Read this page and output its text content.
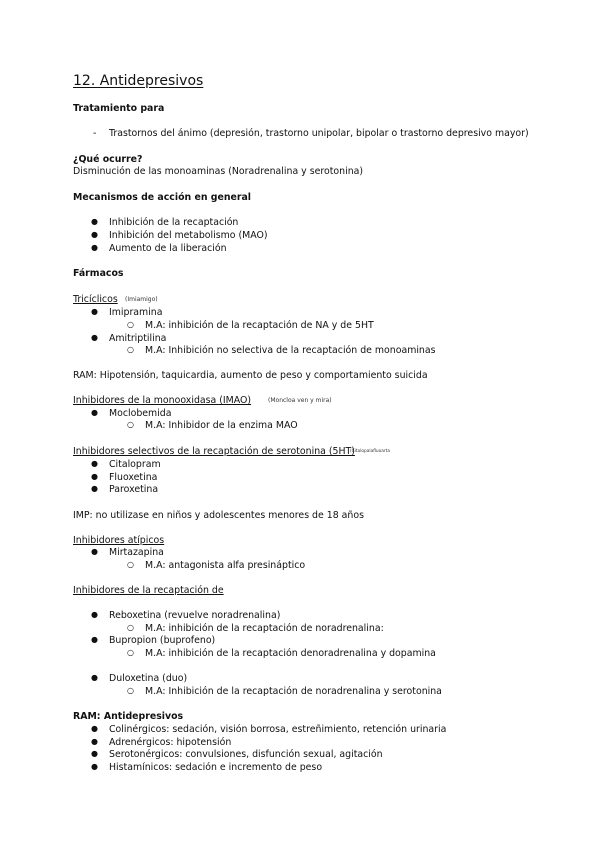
12. Antidepresivos
Tratamiento para
- Trastornos del ánimo (depresión, trastorno unipolar, bipolar o trastorno depresivo mayor)
¿Qué ocurre?
Disminución de las monoaminas (Noradrenalina y serotonina)
Mecanismos de acción en general
● Inhibición de la recaptación
● Inhibición del metabolismo (MAO)
● Aumento de la liberación
Fármacos
Tricíclicos (Imiamigo)
● Imipramina
○ M.A: inhibición de la recaptación de NA y de 5HT
● Amitriptilina
○ M.A: Inhibición no selectiva de la recaptación de monoaminas
RAM: Hipotensión, taquicardia, aumento de peso y comportamiento suicida
Inhibidores de la monooxidasa (IMAO)	(Moncloa ven y mira)
● Moclobemida
○ M.A: Inhibidor de la enzima MAO
Inhibidores selectivos de la recaptación de serotonina (5HT)
(Citalopalafluoarta
● Citalopram
● Fluoxetina
● Paroxetina
IMP: no utilizase en niños y adolescentes menores de 18 años
Inhibidores atípicos
● Mirtazapina
○ M.A: antagonista alfa presináptico
Inhibidores de la recaptación de
● Reboxetina (revuelve noradrenalina)
○ M.A: inhibición de la recaptación de noradrenalina:
● Bupropion (buprofeno)
○ M.A: inhibición de la recaptación denoradrenalina y dopamina
● Duloxetina (duo)
○ M.A: Inhibición de la recaptación de noradrenalina y serotonina
RAM: Antidepresivos
● Colinérgicos: sedación, visión borrosa, estreñimiento, retención urinaria
● Adrenérgicos: hipotensión
● Serotonérgicos: convulsiones, disfunción sexual, agitación
● Histamínicos: sedación e incremento de peso
